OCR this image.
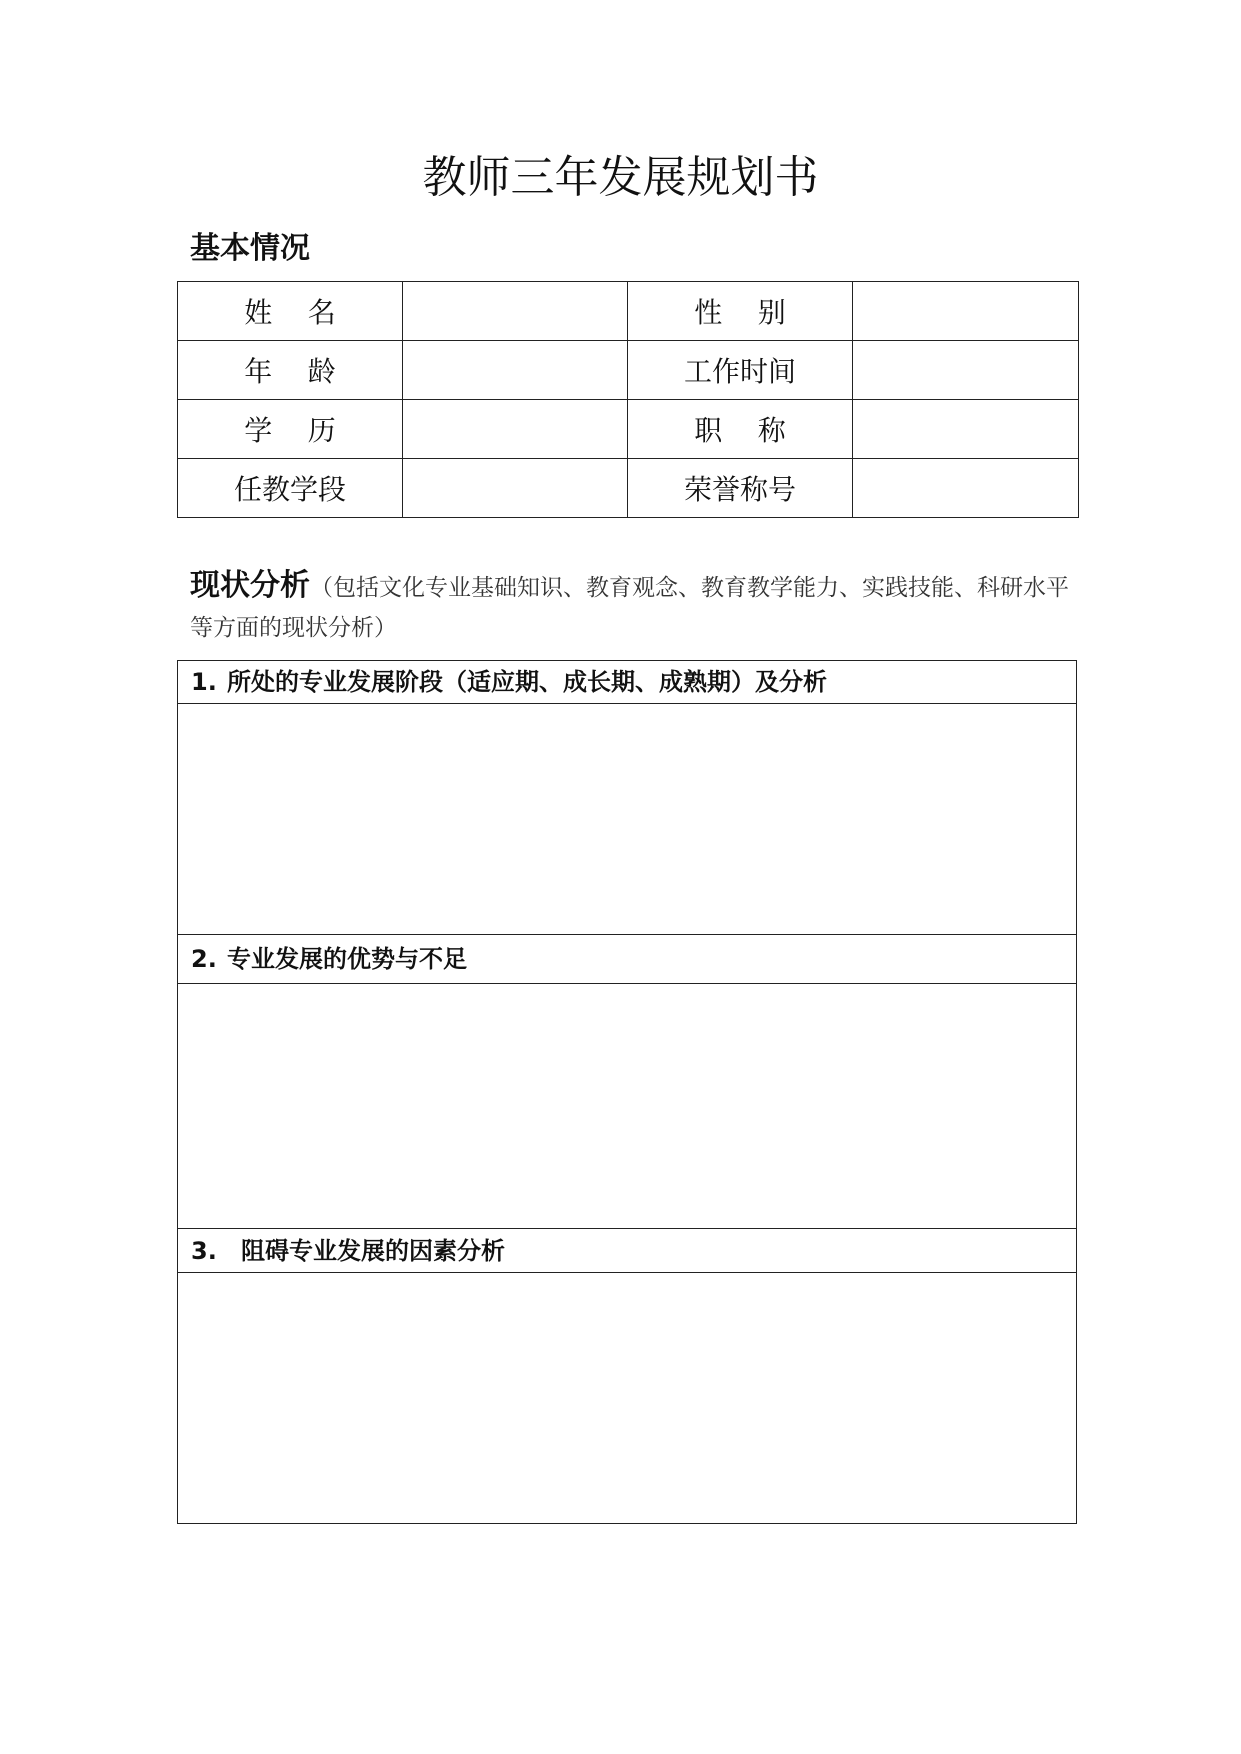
教师三年发展规划书
基本情况
姓    名		性    别	
年    龄		工作时间	
学    历		职    称	
任教学段		荣誉称号	
现状分析（包括文化专业基础知识、教育观念、教育教学能力、实践技能、科研水平等方面的现状分析）
1. 所处的专业发展阶段（适应期、成长期、成熟期）及分析
2. 专业发展的优势与不足
3. 阻碍专业发展的因素分析
